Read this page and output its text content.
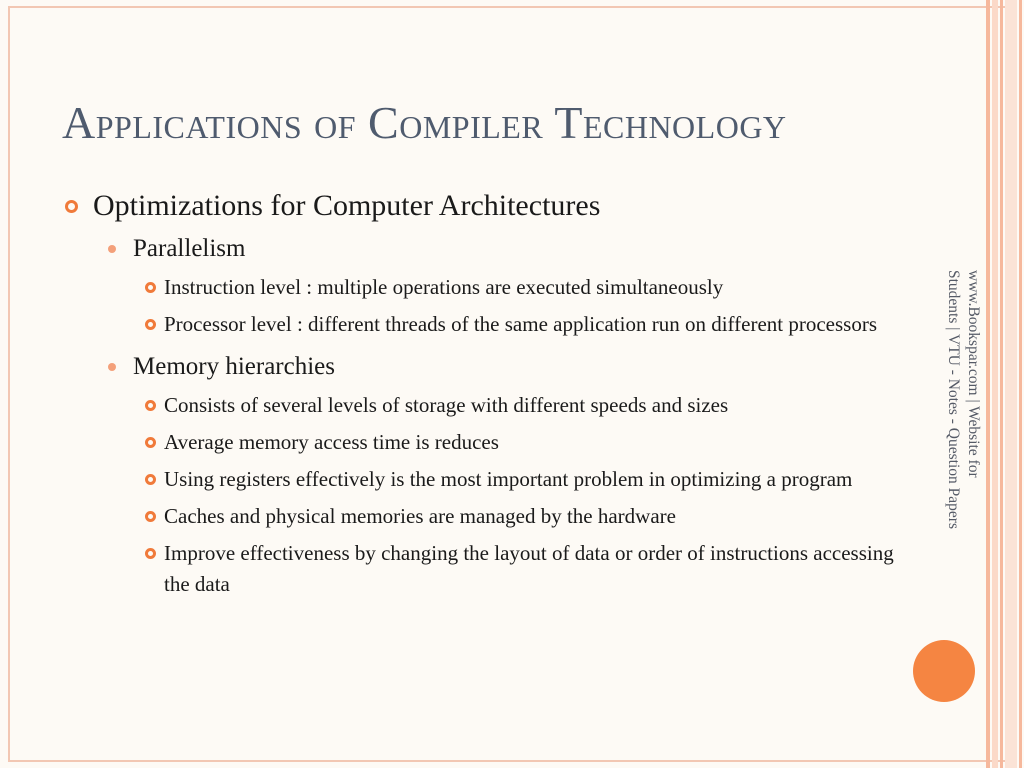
Applications of Compiler Technology
Optimizations for Computer Architectures
Parallelism
Instruction level : multiple operations are executed simultaneously
Processor level : different threads of the same application run on different processors
Memory hierarchies
Consists of several levels of storage with different speeds and sizes
Average memory access time is reduces
Using registers effectively is the most important problem in optimizing a program
Caches and physical memories are managed by the hardware
Improve effectiveness by changing the layout of data or order of instructions accessing the data
www.Bookspar.com | Website for
Students | VTU - Notes - Question Papers
